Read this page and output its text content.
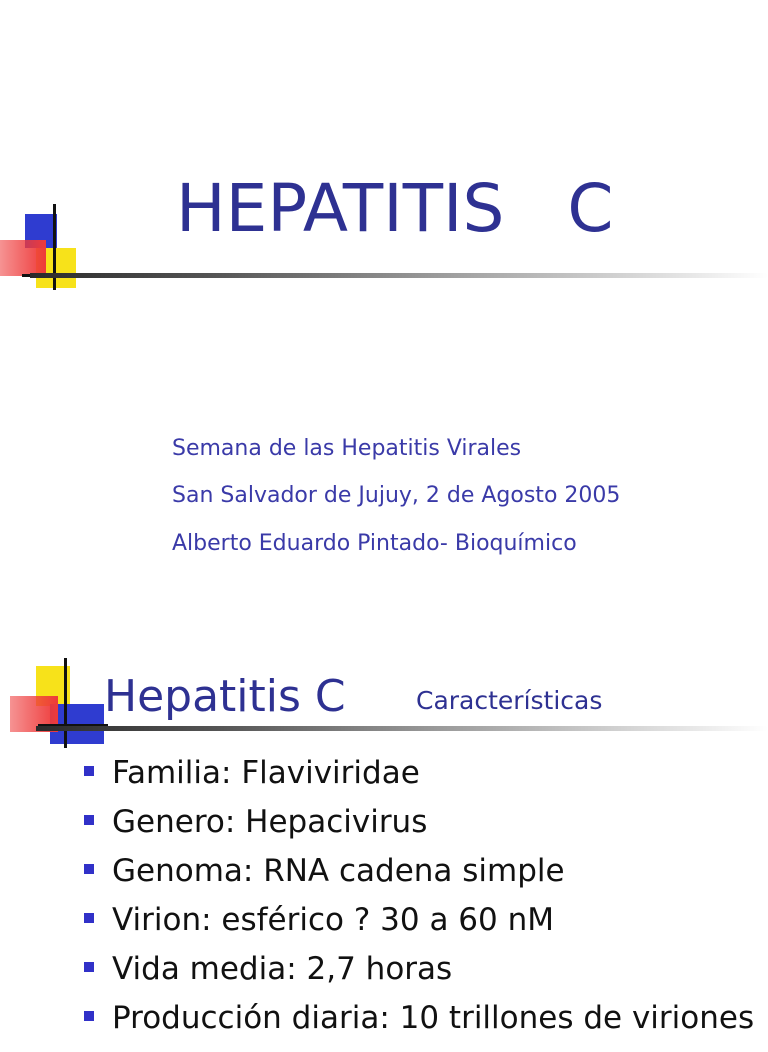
HEPATITIS   C
Semana de las Hepatitis Virales
San Salvador de Jujuy, 2 de Agosto 2005
Alberto Eduardo Pintado- Bioquímico
Hepatitis C	Características
Familia: Flaviviridae
Genero: Hepacivirus
Genoma: RNA cadena simple
Virion: esférico ? 30 a 60 nM
Vida media: 2,7 horas
Producción diaria: 10 trillones de viriones
